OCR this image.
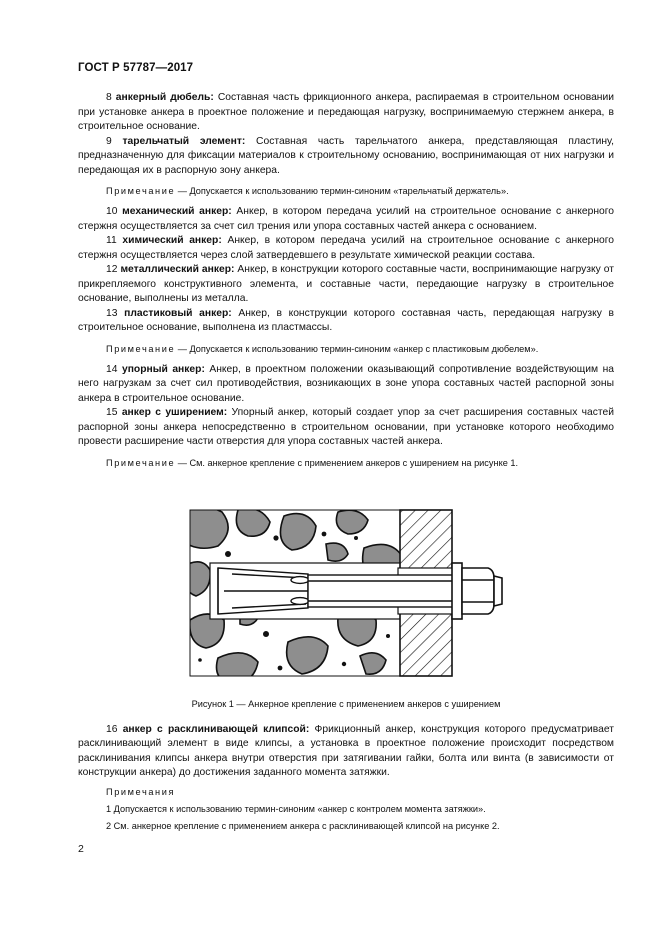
ГОСТ Р 57787—2017

8 анкерный дюбель: Составная часть фрикционного анкера, распираемая в строительном основании при установке анкера в проектное положение и передающая нагрузку, воспринимаемую стержнем анкера, в строительное основание.

9 тарельчатый элемент: Составная часть тарельчатого анкера, представляющая пластину, предназначенную для фиксации материалов к строительному основанию, воспринимающая от них нагрузки и передающая их в распорную зону анкера.

Примечание — Допускается к использованию термин-синоним «тарельчатый держатель».

10 механический анкер: Анкер, в котором передача усилий на строительное основание с анкерного стержня осуществляется за счет сил трения или упора составных частей анкера с основанием.

11 химический анкер: Анкер, в котором передача усилий на строительное основание с анкерного стержня осуществляется через слой затвердевшего в результате химической реакции состава.

12 металлический анкер: Анкер, в конструкции которого составные части, воспринимающие нагрузку от прикрепляемого конструктивного элемента, и составные части, передающие нагрузку в строительное основание, выполнены из металла.

13 пластиковый анкер: Анкер, в конструкции которого составная часть, передающая нагрузку в строительное основание, выполнена из пластмассы.

Примечание — Допускается к использованию термин-синоним «анкер с пластиковым дюбелем».

14 упорный анкер: Анкер, в проектном положении оказывающий сопротивление воздействующим на него нагрузкам за счет сил противодействия, возникающих в зоне упора составных частей распорной зоны анкера в строительное основание.

15 анкер с уширением: Упорный анкер, который создает упор за счет расширения составных частей распорной зоны анкера непосредственно в строительном основании, при установке которого необходимо провести расширение части отверстия для упора составных частей анкера.

Примечание — См. анкерное крепление с применением анкеров с уширением на рисунке 1.

Рисунок 1 — Анкерное крепление с применением анкеров с уширением

16 анкер с расклинивающей клипсой: Фрикционный анкер, конструкция которого предусматривает расклинивающий элемент в виде клипсы, а установка в проектное положение происходит посредством расклинивания клипсы анкера внутри отверстия при затягивании гайки, болта или винта (в зависимости от конструкции анкера) до достижения заданного момента затяжки.

Примечания

1 Допускается к использованию термин-синоним «анкер с контролем момента затяжки».

2 См. анкерное крепление с применением анкера с расклинивающей клипсой на рисунке 2.

2
